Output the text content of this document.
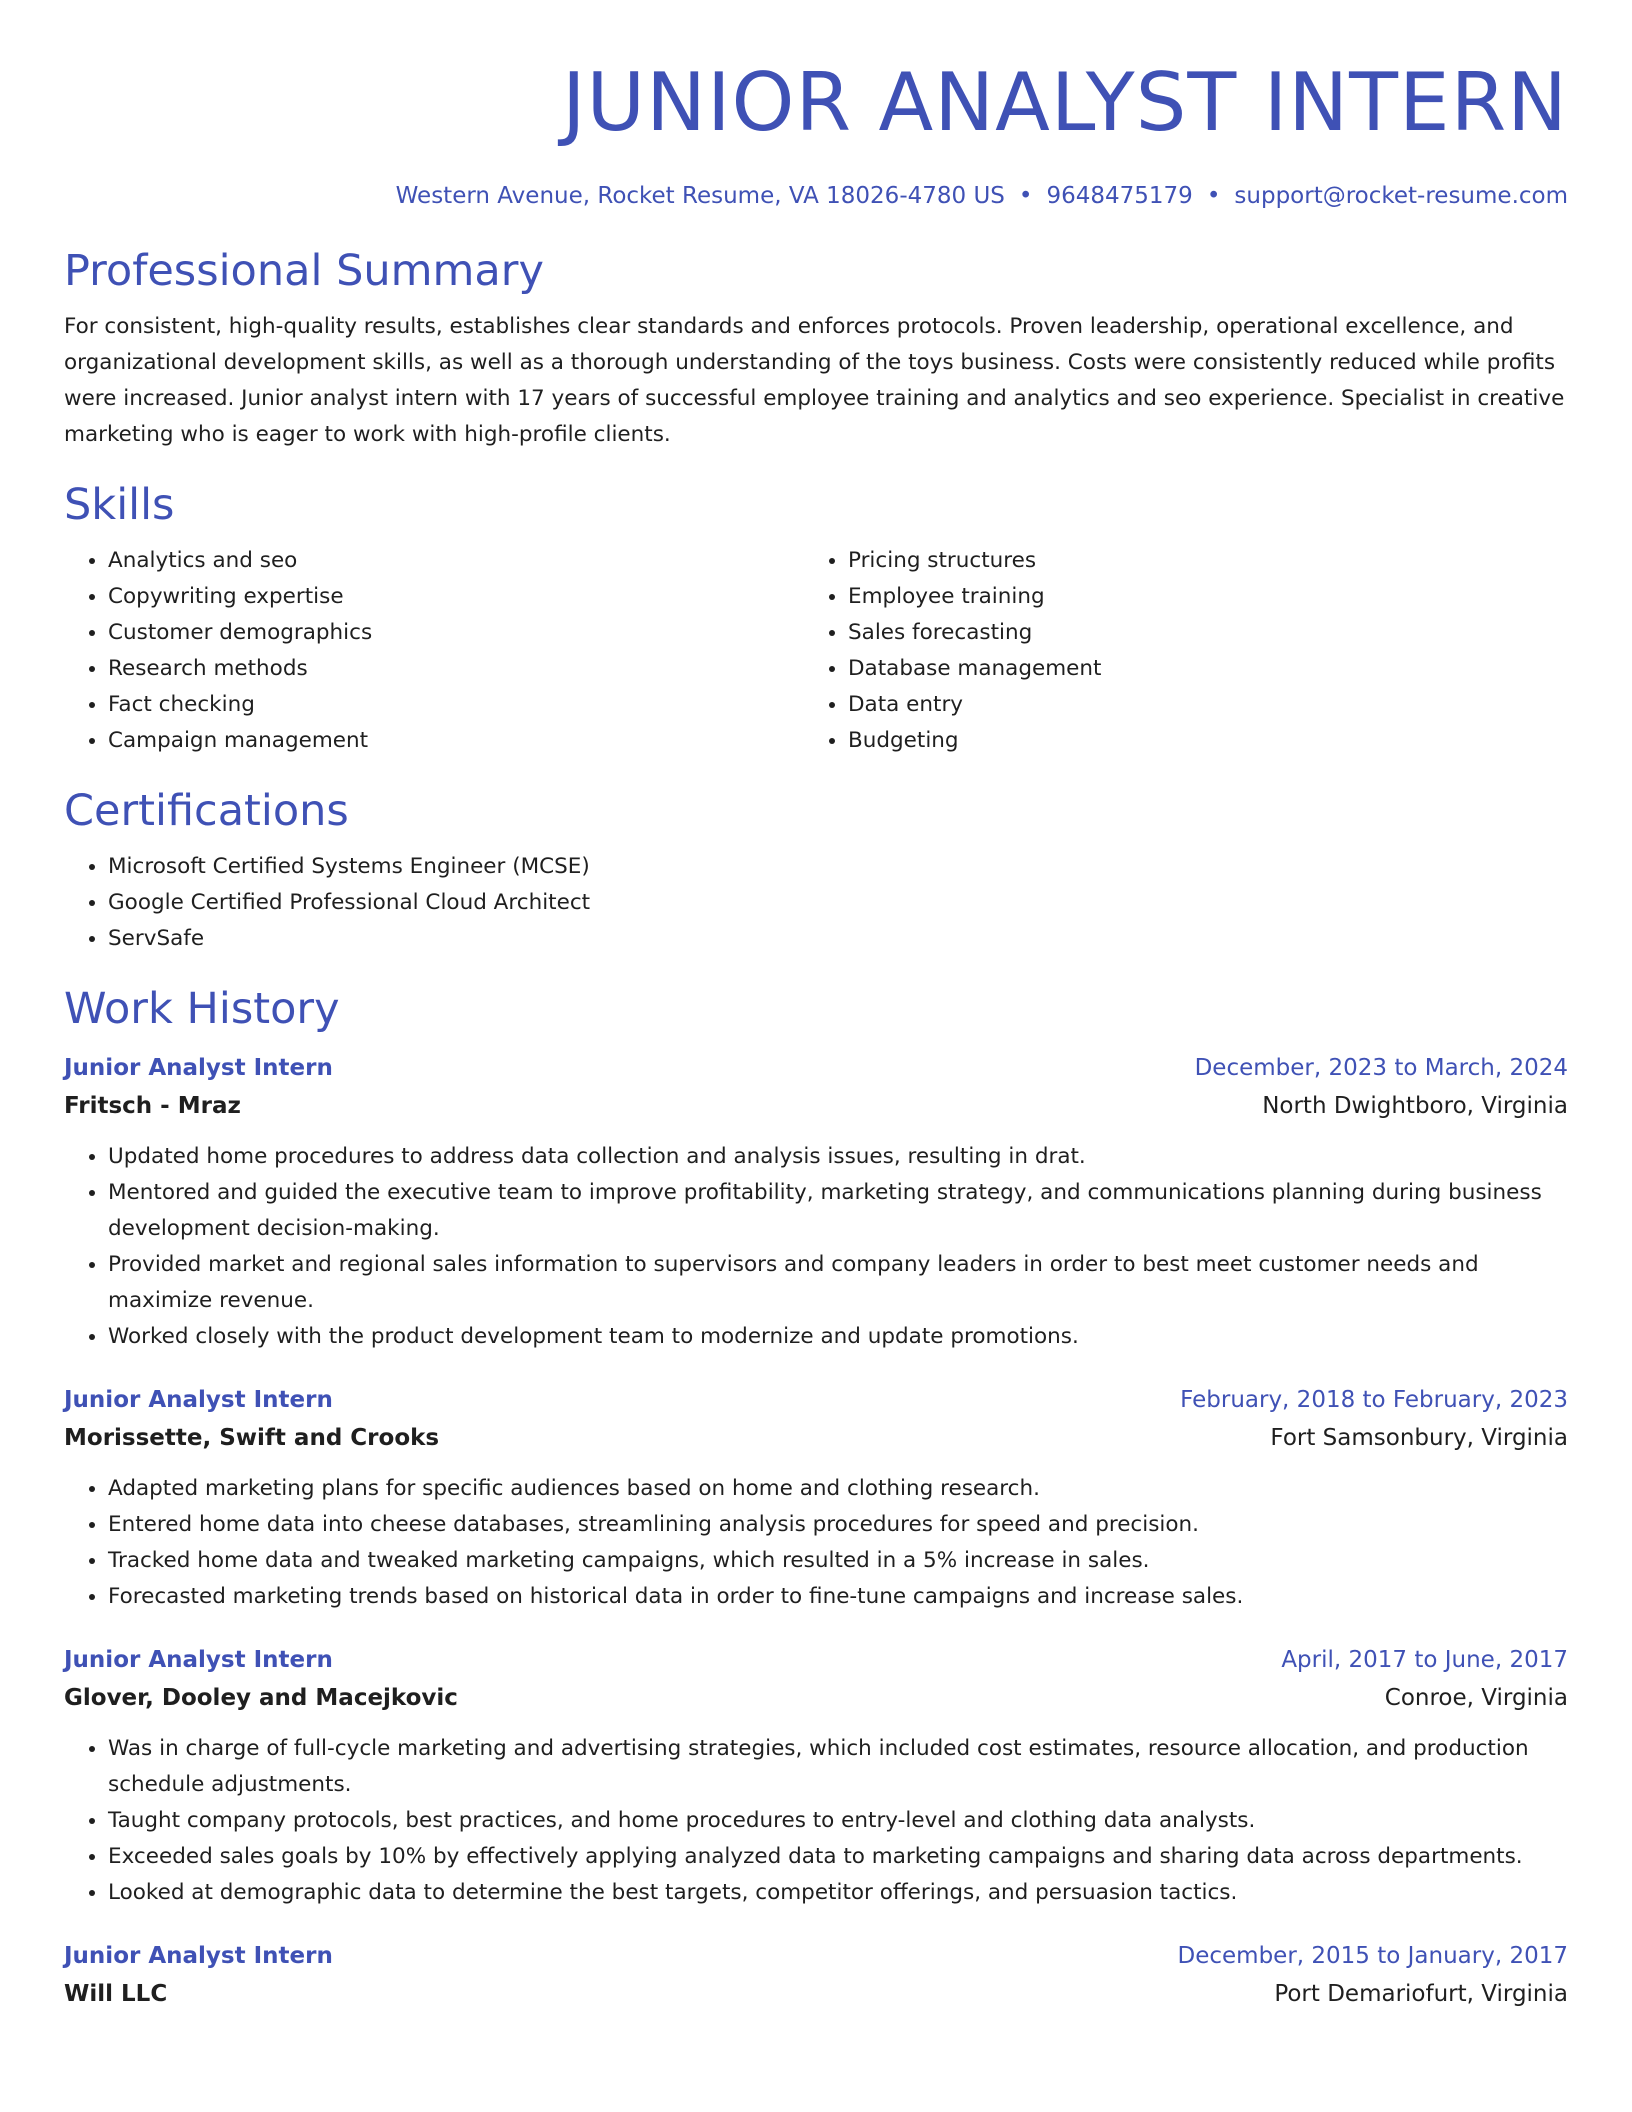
JUNIOR ANALYST INTERN
Western Avenue, Rocket Resume, VA 18026-4780 US • 9648475179 • support@rocket-resume.com
Professional Summary

For consistent, high-quality results, establishes clear standards and enforces protocols. Proven leadership, operational excellence, and organizational development skills, as well as a thorough understanding of the toys business. Costs were consistently reduced while profits were increased. Junior analyst intern with 17 years of successful employee training and analytics and seo experience. Specialist in creative marketing who is eager to work with high-profile clients.

Skills
• Analytics and seo
• Copywriting expertise
• Customer demographics
• Research methods
• Fact checking
• Campaign management
• Pricing structures
• Employee training
• Sales forecasting
• Database management
• Data entry
• Budgeting
Certifications
• Microsoft Certified Systems Engineer (MCSE)
• Google Certified Professional Cloud Architect
• ServSafe
Work History
Junior Analyst Intern	December, 2023 to March, 2024
Fritsch - Mraz	North Dwightboro, Virginia
• Updated home procedures to address data collection and analysis issues, resulting in drat.
• Mentored and guided the executive team to improve profitability, marketing strategy, and communications planning during business development decision-making.
• Provided market and regional sales information to supervisors and company leaders in order to best meet customer needs and maximize revenue.
• Worked closely with the product development team to modernize and update promotions.
Junior Analyst Intern	February, 2018 to February, 2023
Morissette, Swift and Crooks	Fort Samsonbury, Virginia
• Adapted marketing plans for specific audiences based on home and clothing research.
• Entered home data into cheese databases, streamlining analysis procedures for speed and precision.
• Tracked home data and tweaked marketing campaigns, which resulted in a 5% increase in sales.
• Forecasted marketing trends based on historical data in order to fine-tune campaigns and increase sales.
Junior Analyst Intern	April, 2017 to June, 2017
Glover, Dooley and Macejkovic	Conroe, Virginia
• Was in charge of full-cycle marketing and advertising strategies, which included cost estimates, resource allocation, and production schedule adjustments.
• Taught company protocols, best practices, and home procedures to entry-level and clothing data analysts.
• Exceeded sales goals by 10% by effectively applying analyzed data to marketing campaigns and sharing data across departments.
• Looked at demographic data to determine the best targets, competitor offerings, and persuasion tactics.
Junior Analyst Intern	December, 2015 to January, 2017
Will LLC	Port Demariofurt, Virginia
